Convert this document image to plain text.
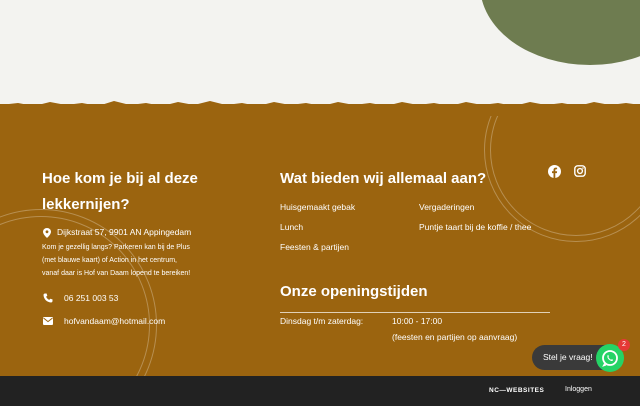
Hoe kom je bij al deze
lekkernijen?
Dijkstraat 57, 9901 AN Appingedam
Kom je gezellig langs? Parkeren kan bij de Plus
(met blauwe kaart) of Action in het centrum,
vanaf daar is Hof van Daam lopend te bereiken!
06 251 003 53
hofvandaam@hotmail.com
Wat bieden wij allemaal aan?
Huisgemaakt gebak	Vergaderingen
Lunch	Puntje taart bij de koffie / thee
Feesten & partijen
Onze openingstijden
Dinsdag t/m zaterdag:	10:00 - 17:00
(feesten en partijen op aanvraag)
NC—WEBSITES	Inloggen
Stel je vraag!
2
